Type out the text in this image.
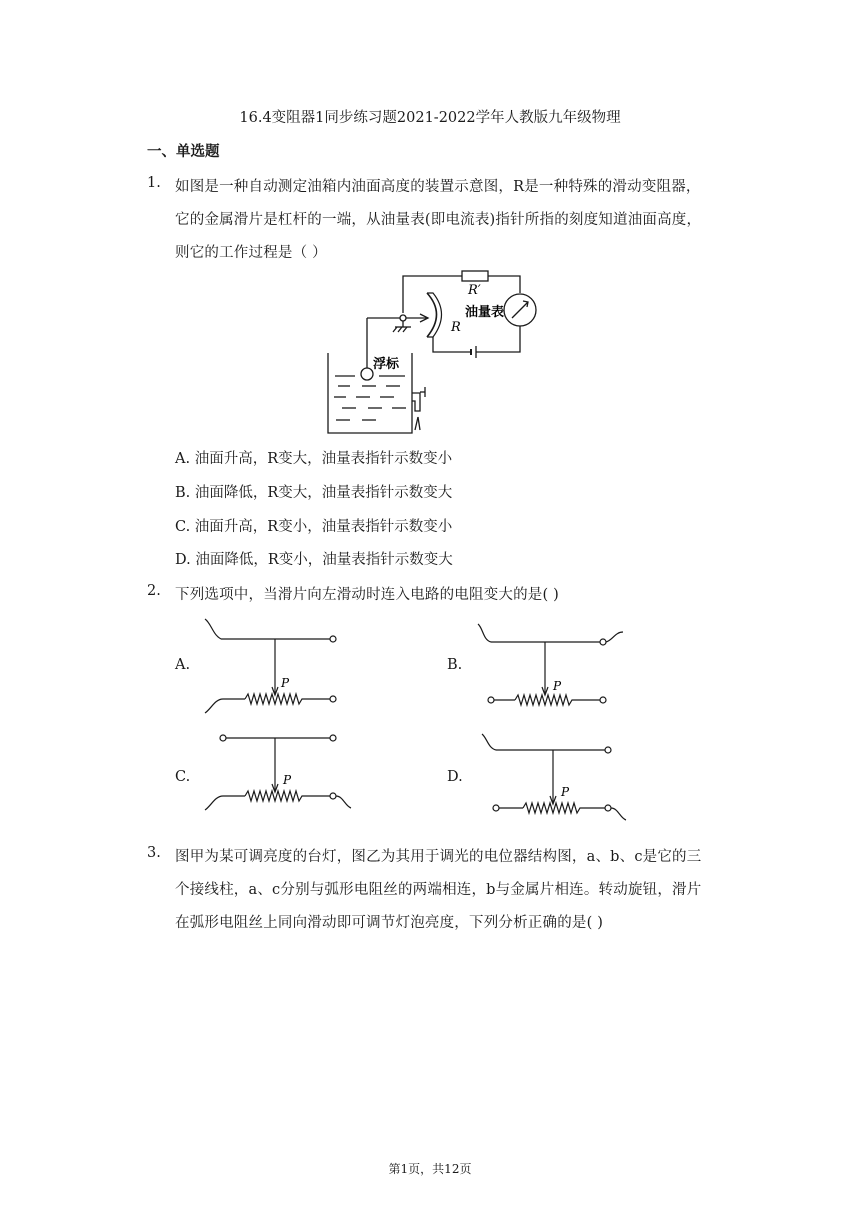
16.4变阻器1同步练习题2021-2022学年人教版九年级物理
一、单选题
1. 如图是一种自动测定油箱内油面高度的装置示意图，R是一种特殊的滑动变阻器，
它的金属滑片是杠杆的一端，从油量表(即电流表)指针所指的刻度知道油面高度，
则它的工作过程是（ ）
R′
油量表
R
浮标
A. 油面升高，R变大，油量表指针示数变小
B. 油面降低，R变大，油量表指针示数变大
C. 油面升高，R变小，油量表指针示数变小
D. 油面降低，R变小，油量表指针示数变大
2. 下列选项中，当滑片向左滑动时连入电路的电阻变大的是( )
A.	B.
C.	D.
P	P
P
P
3. 图甲为某可调亮度的台灯，图乙为其用于调光的电位器结构图，a、b、c是它的三
个接线柱，a、c分别与弧形电阻丝的两端相连，b与金属片相连。转动旋钮，滑片
在弧形电阻丝上同向滑动即可调节灯泡亮度，下列分析正确的是( )
第1页，共12页
